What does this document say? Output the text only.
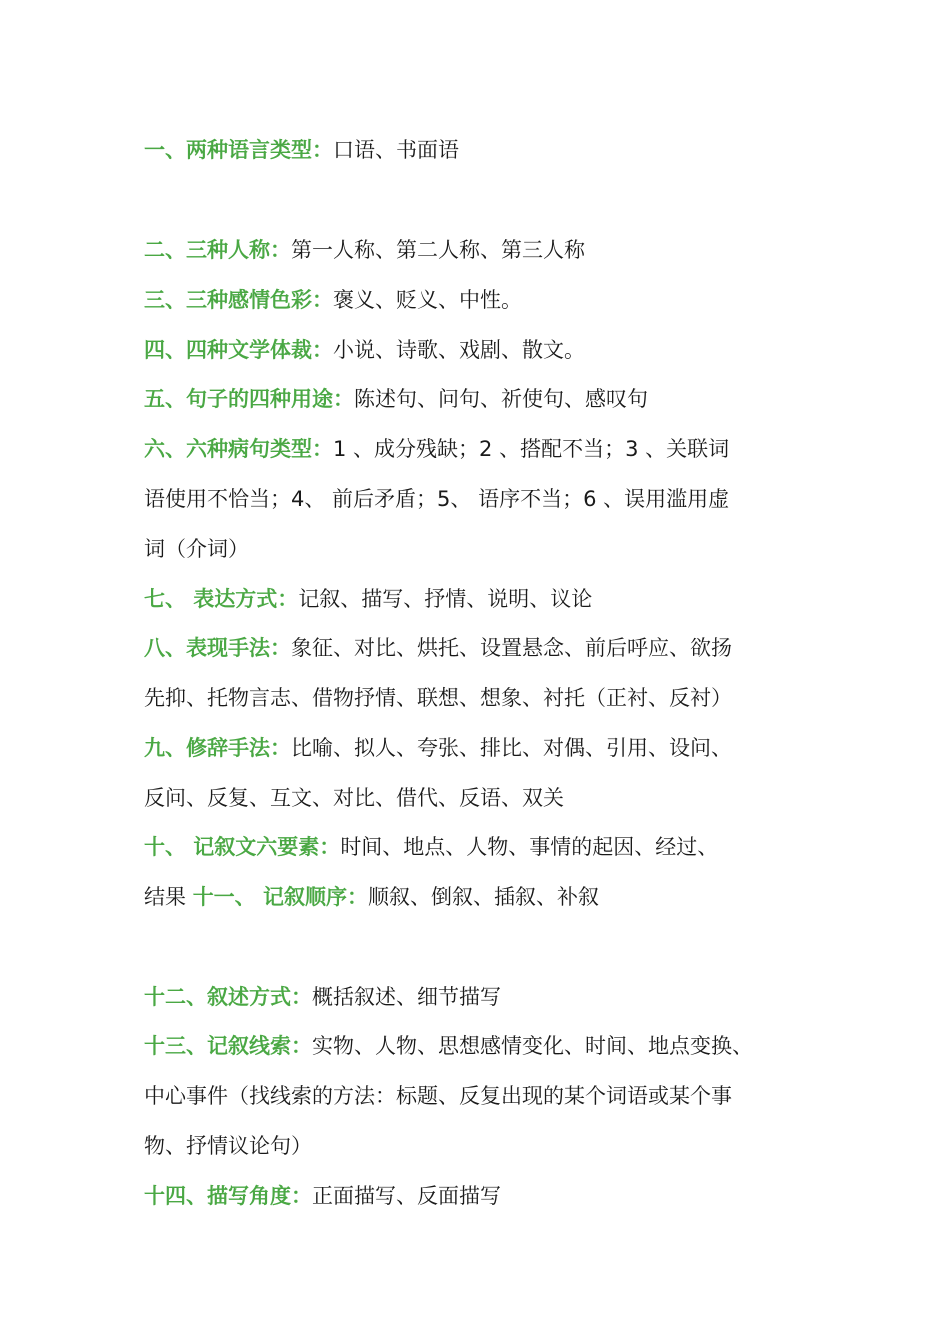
一、两种语言类型：口语、书面语
二、三种人称：第一人称、第二人称、第三人称
三、三种感情色彩：褒义、贬义、中性。
四、四种文学体裁：小说、诗歌、戏剧、散文。
五、句子的四种用途：陈述句、问句、祈使句、感叹句
六、六种病句类型：1 、成分残缺；2 、搭配不当；3 、关联词
语使用不恰当；4、 前后矛盾；5、 语序不当；6 、误用滥用虚
词（介词）
七、 表达方式：记叙、描写、抒情、说明、议论
八、表现手法：象征、对比、烘托、设置悬念、前后呼应、欲扬
先抑、托物言志、借物抒情、联想、想象、衬托（正衬、反衬）
九、修辞手法：比喻、拟人、夸张、排比、对偶、引用、设问、
反问、反复、互文、对比、借代、反语、双关
十、 记叙文六要素：时间、地点、人物、事情的起因、经过、
结果 十一、 记叙顺序：顺叙、倒叙、插叙、补叙
十二、叙述方式：概括叙述、细节描写
十三、记叙线索：实物、人物、思想感情变化、时间、地点变换、
中心事件（找线索的方法：标题、反复出现的某个词语或某个事
物、抒情议论句）
十四、描写角度：正面描写、反面描写
